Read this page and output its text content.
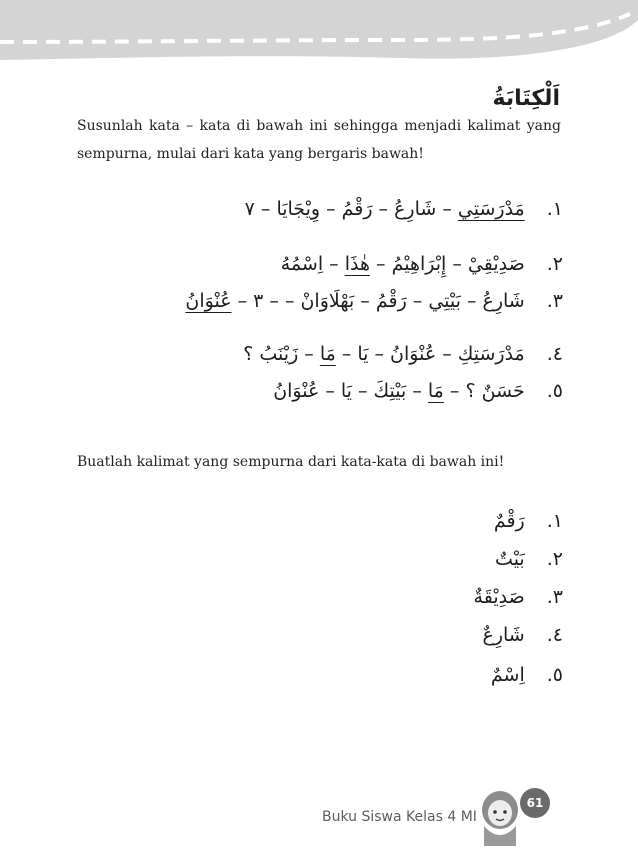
اَلْكِتَابَةُ
Susunlah kata – kata di bawah ini sehingga menjadi kalimat yang sempurna, mulai dari kata yang bergaris bawah!
١.مَدْرَسَتِي – شَارِعُ – رَقْمُ – وِيْجَايَا – ٧
٢.صَدِيْقِيْ – إِبْرَاهِيْمُ – هٰذَا – اِسْمُهُ
٣.شَارِعُ – بَيْتِي – رَقْمُ – بَهْلَاوَانْ – – ٣ – عُنْوَانُ
٤.مَدْرَسَتِكِ – عُنْوَانُ – يَا – مَا – زَيْنَبُ ؟
٥.حَسَنٌ ؟ – مَا – بَيْتِكَ – يَا – عُنْوَانُ
Buatlah kalimat yang sempurna dari kata-kata di bawah ini!
١.رَقْمٌ
٢.بَيْتٌ
٣.صَدِيْقَةٌ
٤.شَارِعٌ
٥.اِسْمٌ
Buku Siswa Kelas 4 MI
61
